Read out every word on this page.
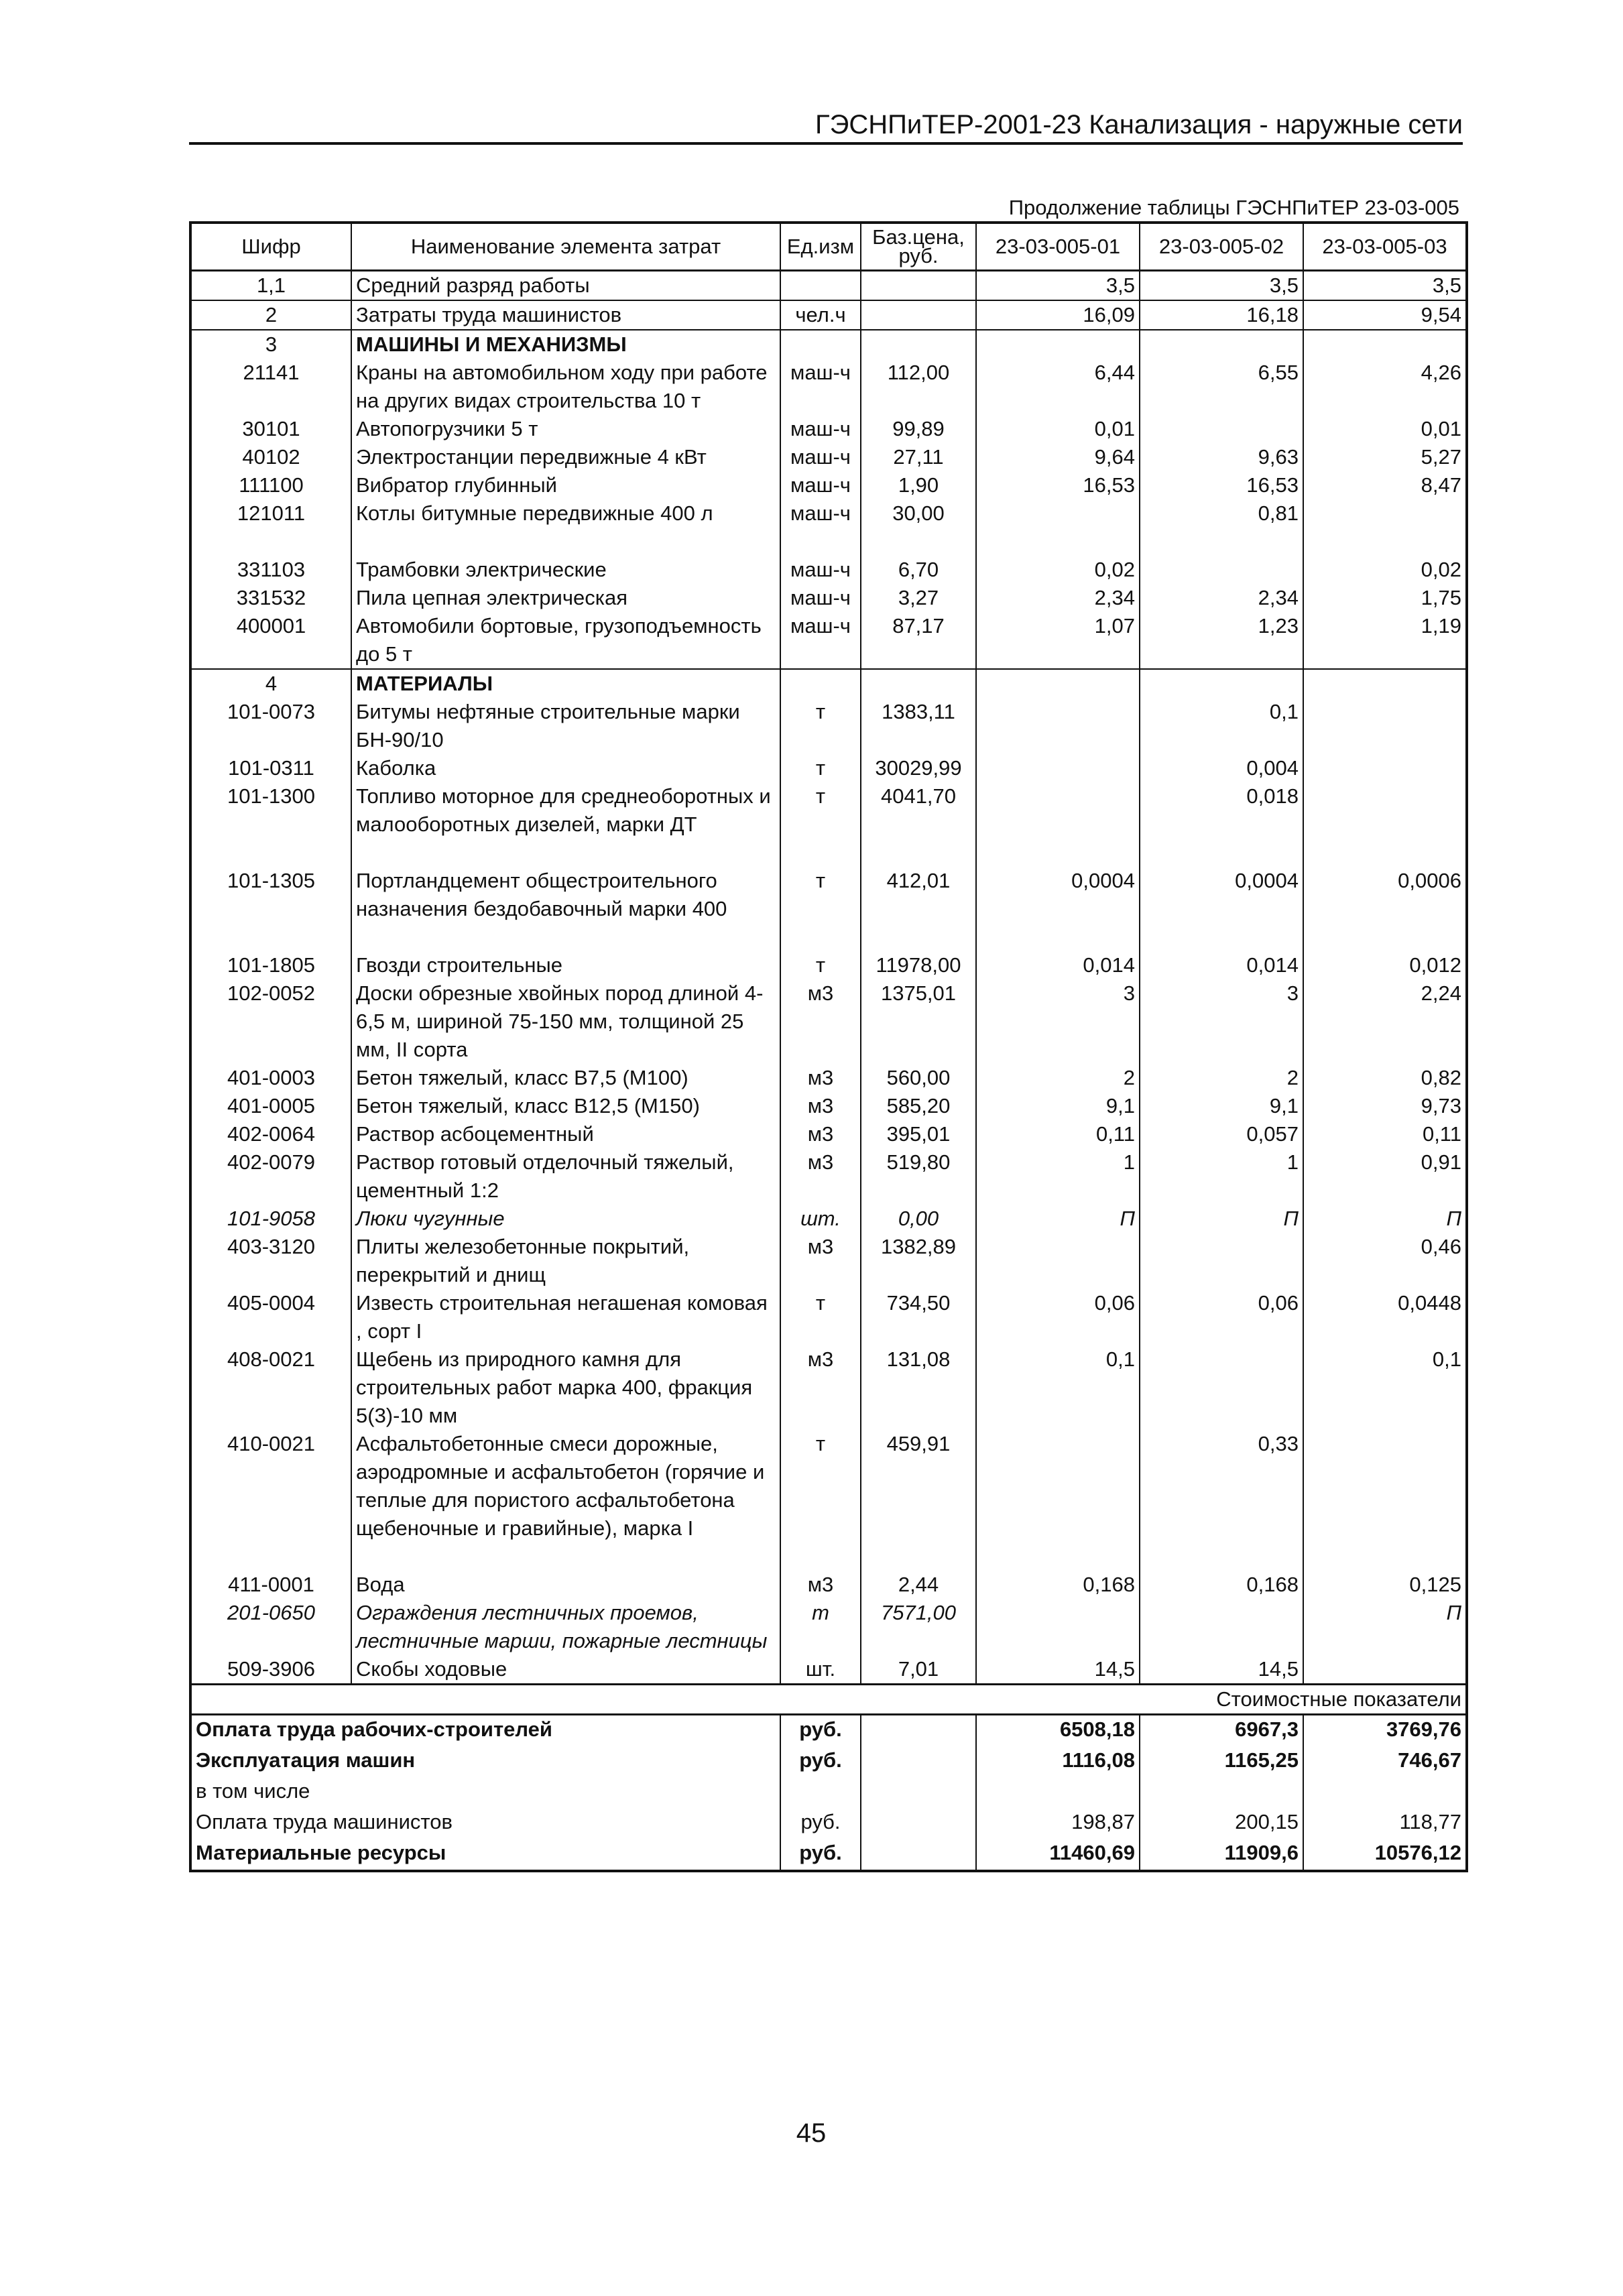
ГЭСНПиТЕР-2001-23 Канализация - наружные сети
Продолжение таблицы ГЭСНПиТЕР 23-03-005
Шифр	Наименование элемента затрат	Ед.изм	Баз.цена, руб.	23-03-005-01	23-03-005-02	23-03-005-03
1,1	Средний разряд работы			3,5	3,5	3,5
2	Затраты труда машинистов	чел.ч		16,09	16,18	9,54
3	МАШИНЫ И МЕХАНИЗМЫ					
21141	Краны на автомобильном ходу при работе на других видах строительства 10 т	маш-ч	112,00	6,44	6,55	4,26
30101	Автопогрузчики 5 т	маш-ч	99,89	0,01		0,01
40102	Электростанции передвижные 4 кВт	маш-ч	27,11	9,64	9,63	5,27
111100	Вибратор глубинный	маш-ч	1,90	16,53	16,53	8,47
121011	Котлы битумные передвижные 400 л	маш-ч	30,00		0,81	
331103	Трамбовки электрические	маш-ч	6,70	0,02		0,02
331532	Пила цепная электрическая	маш-ч	3,27	2,34	2,34	1,75
400001	Автомобили бортовые, грузоподъемность до 5 т	маш-ч	87,17	1,07	1,23	1,19
4	МАТЕРИАЛЫ					
101-0073	Битумы нефтяные строительные марки БН-90/10	т	1383,11		0,1	
101-0311	Каболка	т	30029,99		0,004	
101-1300	Топливо моторное для среднеоборотных и малооборотных дизелей, марки ДТ	т	4041,70		0,018	
101-1305	Портландцемент общестроительного назначения бездобавочный марки 400	т	412,01	0,0004	0,0004	0,0006
101-1805	Гвозди строительные	т	11978,00	0,014	0,014	0,012
102-0052	Доски обрезные хвойных пород длиной 4-6,5 м, шириной 75-150 мм, толщиной 25 мм, II сорта	м3	1375,01	3	3	2,24
401-0003	Бетон тяжелый, класс В7,5 (М100)	м3	560,00	2	2	0,82
401-0005	Бетон тяжелый, класс В12,5 (М150)	м3	585,20	9,1	9,1	9,73
402-0064	Раствор асбоцементный	м3	395,01	0,11	0,057	0,11
402-0079	Раствор готовый отделочный тяжелый, цементный 1:2	м3	519,80	1	1	0,91
101-9058	Люки чугунные	шт.	0,00	П	П	П
403-3120	Плиты железобетонные покрытий, перекрытий и днищ	м3	1382,89			0,46
405-0004	Известь строительная негашеная комовая , сорт I	т	734,50	0,06	0,06	0,0448
408-0021	Щебень из природного камня для строительных работ марка 400, фракция 5(3)-10 мм	м3	131,08	0,1		0,1
410-0021	Асфальтобетонные смеси дорожные, аэродромные и асфальтобетон (горячие и теплые для пористого асфальтобетона щебеночные и гравийные), марка I	т	459,91		0,33	
411-0001	Вода	м3	2,44	0,168	0,168	0,125
201-0650	Ограждения лестничных проемов, лестничные марши, пожарные лестницы	т	7571,00			П
509-3906	Скобы ходовые	шт.	7,01	14,5	14,5	
Стоимостные показатели						
Оплата труда рабочих-строителей		руб.		6508,18	6967,3	3769,76
Эксплуатация машин		руб.		1116,08	1165,25	746,67
в том числе						
Оплата труда машинистов		руб.		198,87	200,15	118,77
Материальные ресурсы		руб.		11460,69	11909,6	10576,12
45
